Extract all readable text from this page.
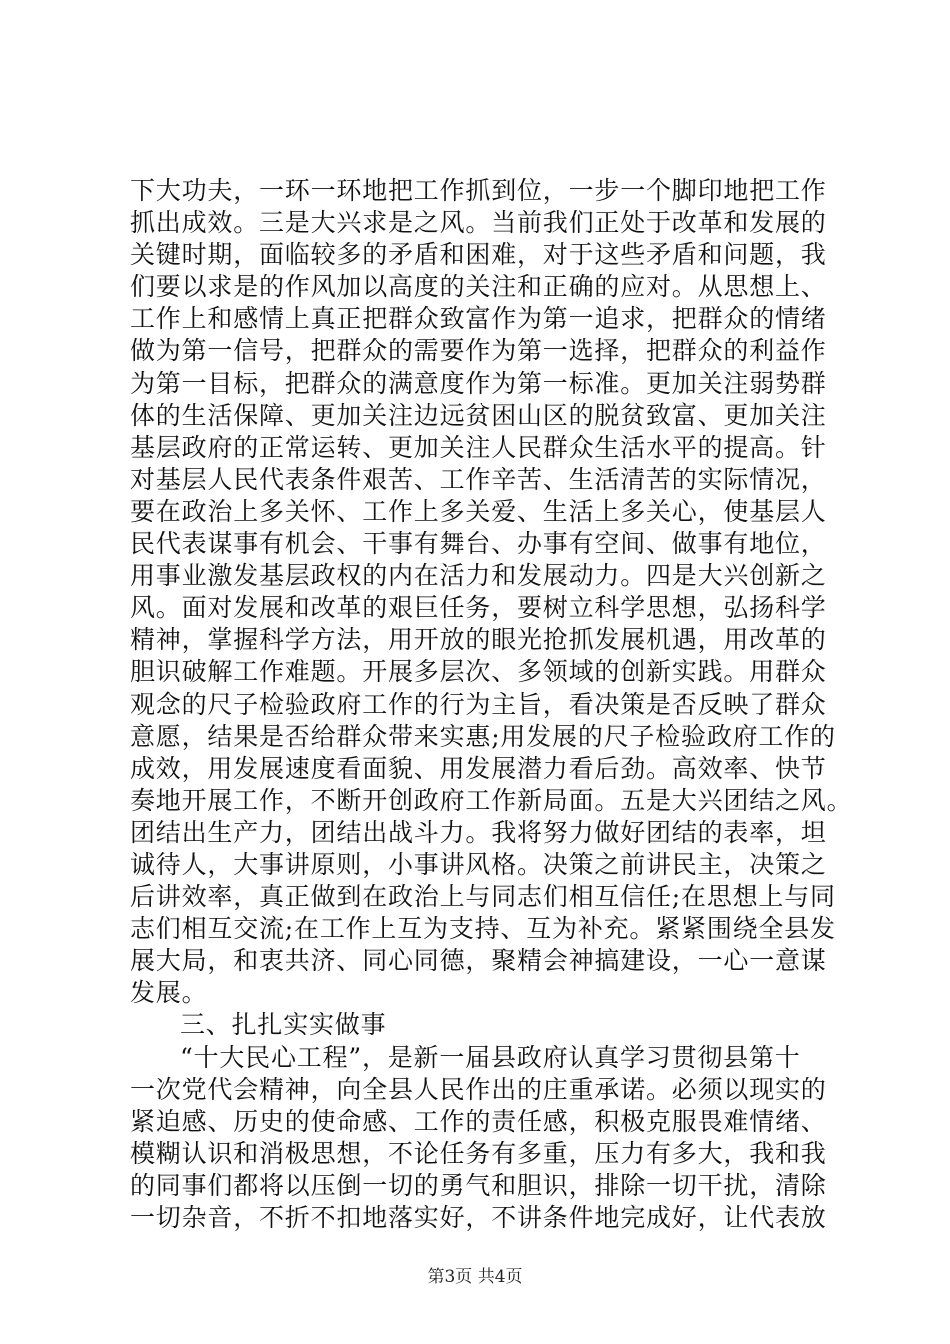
下大功夫，一环一环地把工作抓到位，一步一个脚印地把工作
抓出成效。三是大兴求是之风。当前我们正处于改革和发展的
关键时期，面临较多的矛盾和困难，对于这些矛盾和问题，我
们要以求是的作风加以高度的关注和正确的应对。从思想上、
工作上和感情上真正把群众致富作为第一追求，把群众的情绪
做为第一信号，把群众的需要作为第一选择，把群众的利益作
为第一目标，把群众的满意度作为第一标准。更加关注弱势群
体的生活保障、更加关注边远贫困山区的脱贫致富、更加关注
基层政府的正常运转、更加关注人民群众生活水平的提高。针
对基层人民代表条件艰苦、工作辛苦、生活清苦的实际情况，
要在政治上多关怀、工作上多关爱、生活上多关心，使基层人
民代表谋事有机会、干事有舞台、办事有空间、做事有地位，
用事业激发基层政权的内在活力和发展动力。四是大兴创新之
风。面对发展和改革的艰巨任务，要树立科学思想，弘扬科学
精神，掌握科学方法，用开放的眼光抢抓发展机遇，用改革的
胆识破解工作难题。开展多层次、多领域的创新实践。用群众
观念的尺子检验政府工作的行为主旨，看决策是否反映了群众
意愿，结果是否给群众带来实惠;用发展的尺子检验政府工作的
成效，用发展速度看面貌、用发展潜力看后劲。高效率、快节
奏地开展工作，不断开创政府工作新局面。五是大兴团结之风。
团结出生产力，团结出战斗力。我将努力做好团结的表率，坦
诚待人，大事讲原则，小事讲风格。决策之前讲民主，决策之
后讲效率，真正做到在政治上与同志们相互信任;在思想上与同
志们相互交流;在工作上互为支持、互为补充。紧紧围绕全县发
展大局，和衷共济、同心同德，聚精会神搞建设，一心一意谋
发展。
三、扎扎实实做事
“十大民心工程”，是新一届县政府认真学习贯彻县第十
一次党代会精神，向全县人民作出的庄重承诺。必须以现实的
紧迫感、历史的使命感、工作的责任感，积极克服畏难情绪、
模糊认识和消极思想，不论任务有多重，压力有多大，我和我
的同事们都将以压倒一切的勇气和胆识，排除一切干扰，清除
一切杂音，不折不扣地落实好，不讲条件地完成好，让代表放
第3页 共4页
